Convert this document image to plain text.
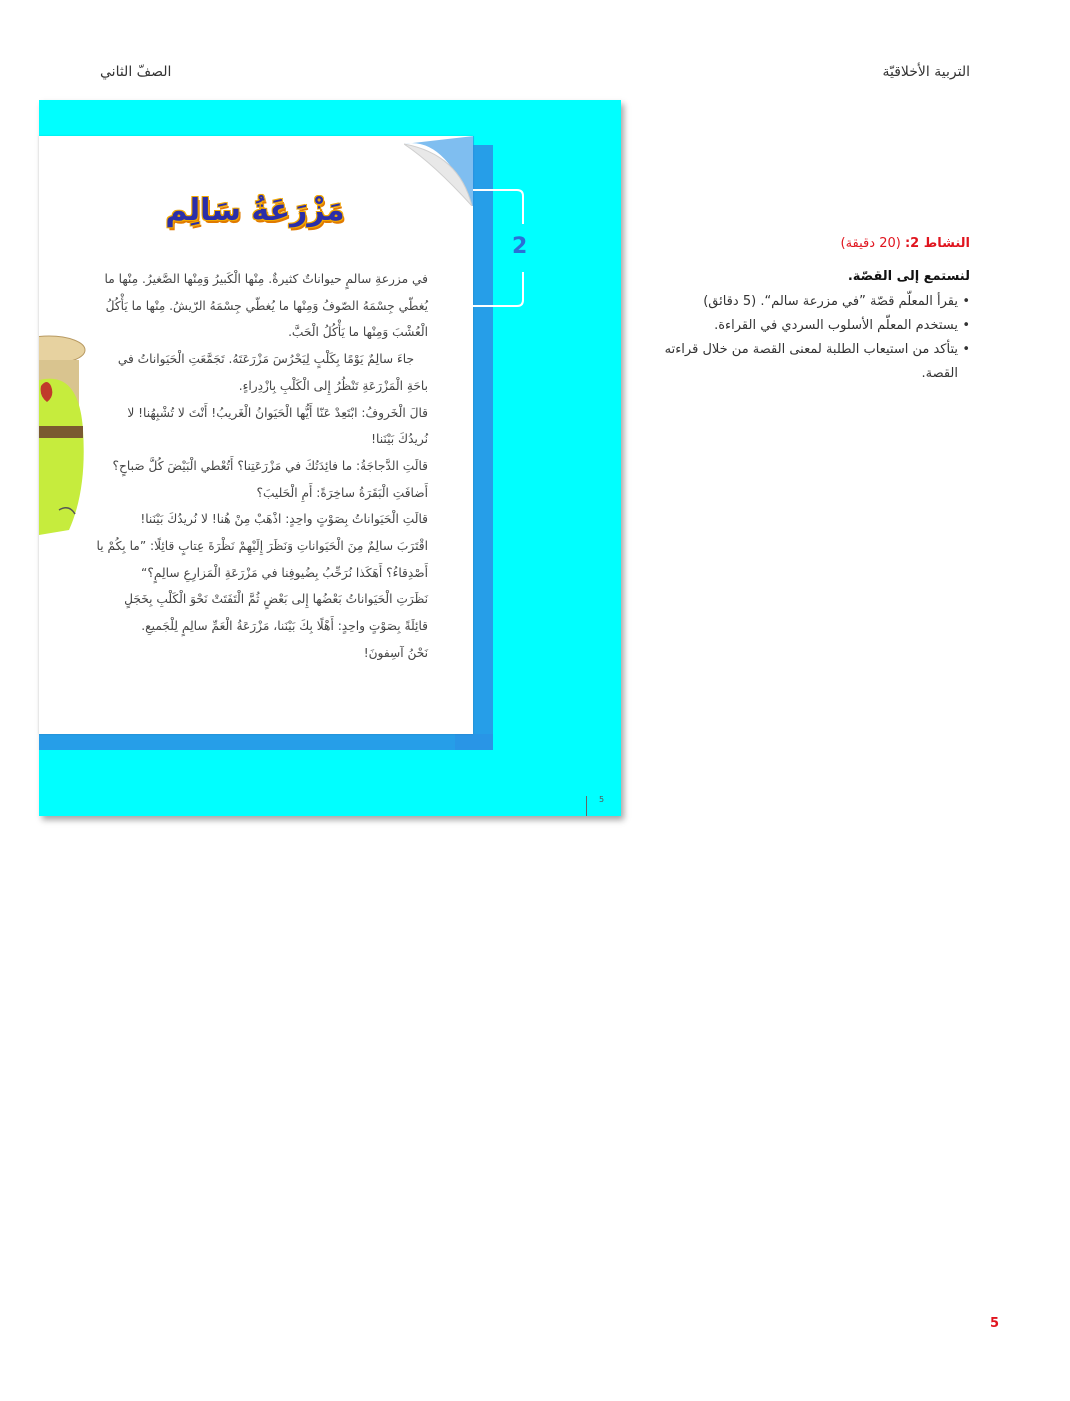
التربية الأخلاقيّة
الصفّ الثاني
2
مَزْرَعَةُ سَالِم

في مزرعةِ سالمٍ حيواناتٌ كثيرةٌ. مِنْها الْكَبيرُ وَمِنْها الصَّغيرُ. مِنْها ما

يُغطّي جِسْمَهُ الصّوفُ وَمِنْها ما يُغطّي جِسْمَهُ الرّيشُ. مِنْها ما يَأْكُلُ

الْعُشْبَ وَمِنْها ما يَأْكُلُ الْحَبَّ.

جاءَ سالِمٌ يَوْمًا بِكَلْبٍ لِيَحْرُسَ مَزْرَعَتَهُ. تَجَمَّعَتِ الْحَيَواناتُ في

باحَةِ الْمَزْرَعَةِ تَنْظُرُ إِلى الْكَلْبِ بِازْدِراءٍ.

قالَ الْخَروفُ: ابْتَعِدْ عَنّا أَيُّها الْحَيَوانُ الْغَريبُ! أَنْتَ لا تُشْبِهُنا! لا

نُريدُكَ بَيْنَنا!

قالَتِ الدَّجاجَةُ: ما فائِدَتُكَ في مَزْرَعَتِنا؟ أَتُعْطي الْبَيْضَ كُلَّ صَباحٍ؟

أَضافَتِ الْبَقَرَةُ ساخِرَةً: أَمِ الْحَليبَ؟

قالَتِ الْحَيَواناتُ بِصَوْتٍ واحِدٍ: اذْهَبْ مِنْ هُنا! لا نُريدُكَ بَيْنَنا!

اقْتَرَبَ سالِمٌ مِنَ الْحَيَواناتِ وَنَظَرَ إِلَيْهِمْ نَظْرَةَ عِتابٍ قائِلًا: ”ما بِكُمْ يا

أَصْدِقاءُ؟ أَهَكَذا نُرَحِّبُ بِضُيوفِنا في مَزْرَعَةِ الْمَزارِعِ سالِمٍ؟“

نَظَرَتِ الْحَيَواناتُ بَعْضُها إِلى بَعْضٍ ثُمَّ الْتَفَتَتْ نَحْوَ الْكَلْبِ بِخَجَلٍ

قائِلَةً بِصَوْتٍ واحِدٍ: أَهْلًا بِكَ بَيْنَنا، مَزْرَعَةُ الْعَمِّ سالِمٍ لِلْجَميعِ.

نَحْنُ آسِفونَ!

5
النشاط 2: (20 دقيقة)
لنستمع إلى القصّة.
• يقرأ المعلّم قصّة ”في مزرعة سالم“. (5 دقائق)
• يستخدم المعلّم الأسلوب السردي في القراءة.
• يتأكد من استيعاب الطلبة لمعنى القصة من خلال قراءته القصة.
5
